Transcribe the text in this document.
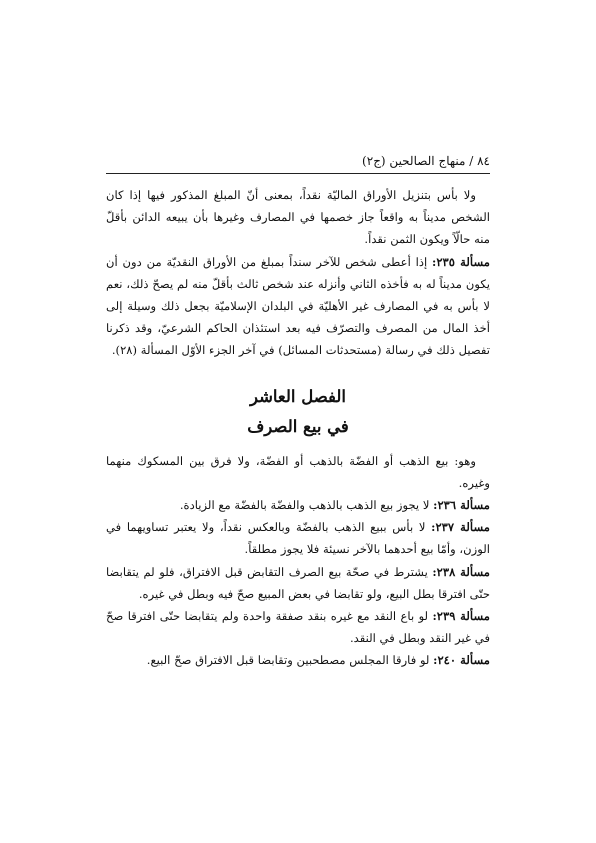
٨٤ / منهاج الصالحين (ج٢)

ولا بأس بتنزيل الأوراق الماليّة نقداً، بمعنى أنّ المبلغ المذكور فيها إذا كان الشخص مديناً به واقعاً جاز خصمها في المصارف وغيرها بأن يبيعه الدائن بأقلّ منه حالّاً ويكون الثمن نقداً.

مسألة ٢٣٥: إذا أعطى شخص للآخر سنداً بمبلغ من الأوراق النقديّة من دون أن يكون مديناً له به فأخذه الثاني وأنزله عند شخص ثالث بأقلّ منه لم يصحّ ذلك، نعم لا بأس به في المصارف غير الأهليّة في البلدان الإسلاميّة بجعل ذلك وسيلة إلى أخذ المال من المصرف والتصرّف فيه بعد استئذان الحاكم الشرعيّ، وقد ذكرنا تفصيل ذلك في رسالة (مستحدثات المسائل) في آخر الجزء الأوّل المسألة (٢٨).

الفصل العاشر

في بيع الصرف

وهو: بيع الذهب أو الفضّة بالذهب أو الفضّة، ولا فرق بين المسكوك منهما وغيره.

مسألة ٢٣٦: لا يجوز بيع الذهب بالذهب والفضّة بالفضّة مع الزيادة.

مسألة ٢٣٧: لا بأس ببيع الذهب بالفضّة وبالعكس نقداً، ولا يعتبر تساويهما في الوزن، وأمّا بيع أحدهما بالآخر نسيئة فلا يجوز مطلقاً.

مسألة ٢٣٨: يشترط في صحّة بيع الصرف التقابض قبل الافتراق، فلو لم يتقابضا حتّى افترقا بطل البيع، ولو تقابضا في بعض المبيع صحّ فيه وبطل في غيره.

مسألة ٢٣٩: لو باع النقد مع غيره بنقد صفقة واحدة ولم يتقابضا حتّى افترقا صحّ في غير النقد وبطل في النقد.

مسألة ٢٤٠: لو فارقا المجلس مصطحبين وتقابضا قبل الافتراق صحّ البيع.
